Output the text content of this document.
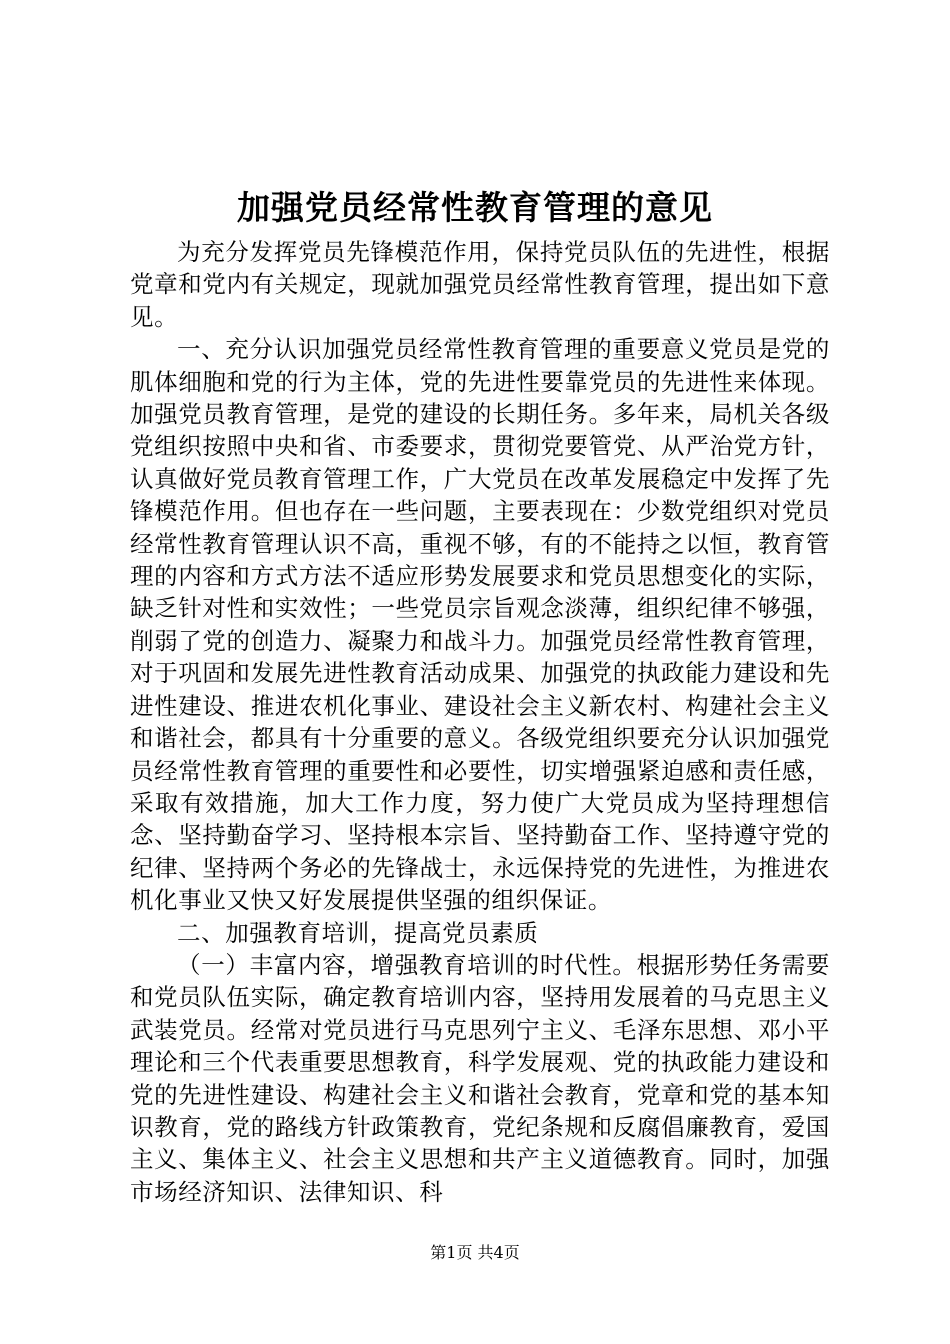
加强党员经常性教育管理的意见

为充分发挥党员先锋模范作用，保持党员队伍的先进性，根据党章和党内有关规定，现就加强党员经常性教育管理，提出如下意见。

一、充分认识加强党员经常性教育管理的重要意义党员是党的肌体细胞和党的行为主体，党的先进性要靠党员的先进性来体现。加强党员教育管理，是党的建设的长期任务。多年来，局机关各级党组织按照中央和省、市委要求，贯彻党要管党、从严治党方针，认真做好党员教育管理工作，广大党员在改革发展稳定中发挥了先锋模范作用。但也存在一些问题，主要表现在：少数党组织对党员经常性教育管理认识不高，重视不够，有的不能持之以恒，教育管理的内容和方式方法不适应形势发展要求和党员思想变化的实际，缺乏针对性和实效性；一些党员宗旨观念淡薄，组织纪律不够强，削弱了党的创造力、凝聚力和战斗力。加强党员经常性教育管理，对于巩固和发展先进性教育活动成果、加强党的执政能力建设和先进性建设、推进农机化事业、建设社会主义新农村、构建社会主义和谐社会，都具有十分重要的意义。各级党组织要充分认识加强党员经常性教育管理的重要性和必要性，切实增强紧迫感和责任感，采取有效措施，加大工作力度，努力使广大党员成为坚持理想信念、坚持勤奋学习、坚持根本宗旨、坚持勤奋工作、坚持遵守党的纪律、坚持两个务必的先锋战士，永远保持党的先进性，为推进农机化事业又快又好发展提供坚强的组织保证。

二、加强教育培训，提高党员素质

（一）丰富内容，增强教育培训的时代性。根据形势任务需要和党员队伍实际，确定教育培训内容，坚持用发展着的马克思主义武装党员。经常对党员进行马克思列宁主义、毛泽东思想、邓小平理论和三个代表重要思想教育，科学发展观、党的执政能力建设和党的先进性建设、构建社会主义和谐社会教育，党章和党的基本知识教育，党的路线方针政策教育，党纪条规和反腐倡廉教育，爱国主义、集体主义、社会主义思想和共产主义道德教育。同时，加强市场经济知识、法律知识、科

第1页 共4页
